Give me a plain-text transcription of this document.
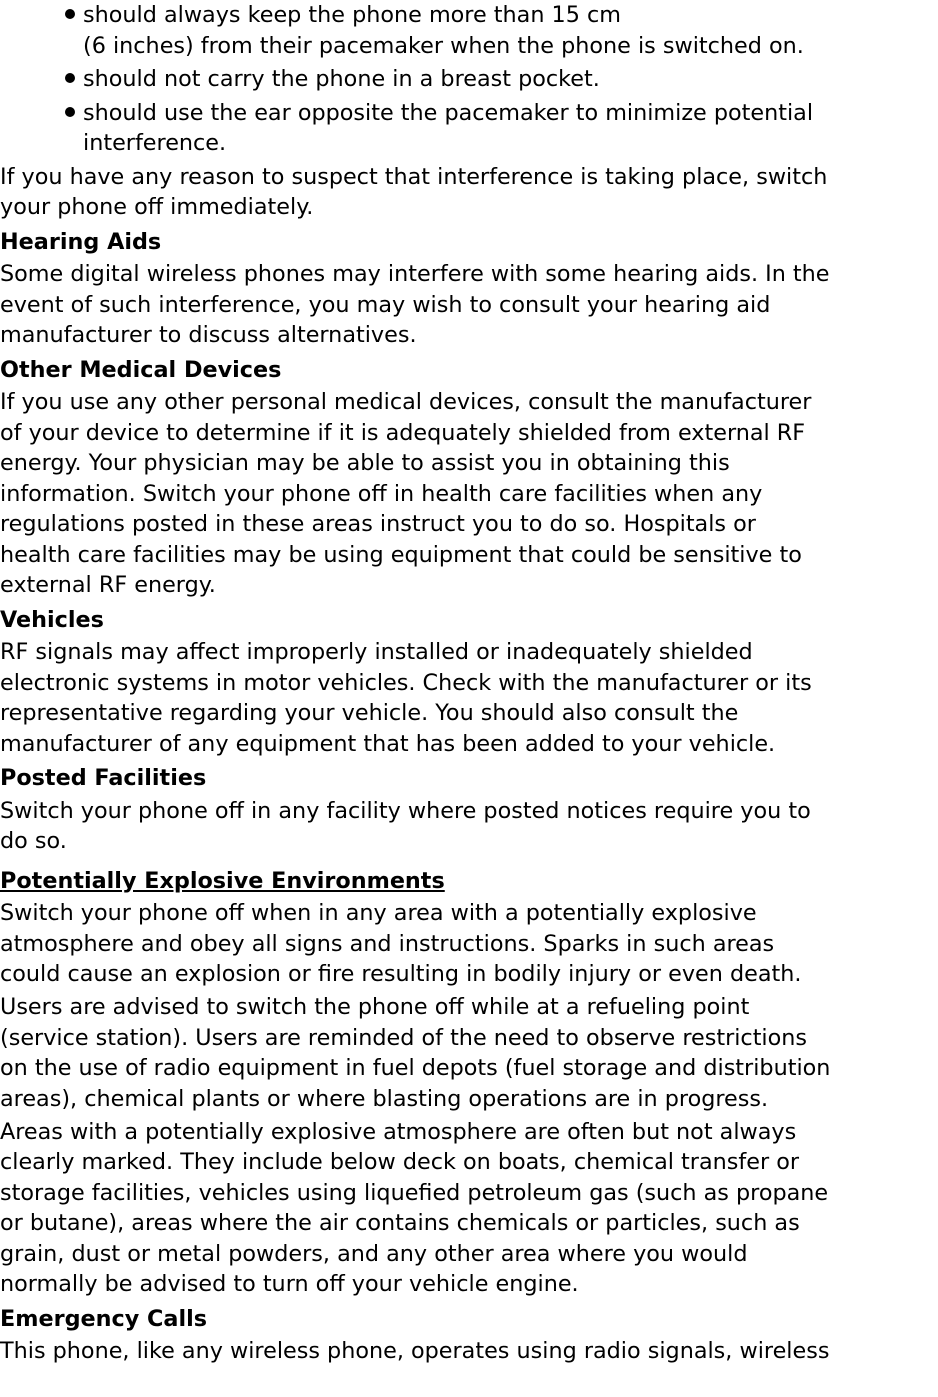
should always keep the phone more than 15 cm
(6 inches) from their pacemaker when the phone is switched on.
should not carry the phone in a breast pocket.
should use the ear opposite the pacemaker to minimize potential
interference.

If you have any reason to suspect that interference is taking place, switch
your phone off immediately.

Hearing Aids

Some digital wireless phones may interfere with some hearing aids. In the
event of such interference, you may wish to consult your hearing aid
manufacturer to discuss alternatives.

Other Medical Devices

If you use any other personal medical devices, consult the manufacturer
of your device to determine if it is adequately shielded from external RF
energy. Your physician may be able to assist you in obtaining this
information. Switch your phone off in health care facilities when any
regulations posted in these areas instruct you to do so. Hospitals or
health care facilities may be using equipment that could be sensitive to
external RF energy.

Vehicles

RF signals may affect improperly installed or inadequately shielded
electronic systems in motor vehicles. Check with the manufacturer or its
representative regarding your vehicle. You should also consult the
manufacturer of any equipment that has been added to your vehicle.

Posted Facilities

Switch your phone off in any facility where posted notices require you to
do so.

Potentially Explosive Environments

Switch your phone off when in any area with a potentially explosive
atmosphere and obey all signs and instructions. Sparks in such areas
could cause an explosion or fire resulting in bodily injury or even death.

Users are advised to switch the phone off while at a refueling point
(service station). Users are reminded of the need to observe restrictions
on the use of radio equipment in fuel depots (fuel storage and distribution
areas), chemical plants or where blasting operations are in progress.

Areas with a potentially explosive atmosphere are often but not always
clearly marked. They include below deck on boats, chemical transfer or
storage facilities, vehicles using liquefied petroleum gas (such as propane
or butane), areas where the air contains chemicals or particles, such as
grain, dust or metal powders, and any other area where you would
normally be advised to turn off your vehicle engine.

Emergency Calls

This phone, like any wireless phone, operates using radio signals, wireless
